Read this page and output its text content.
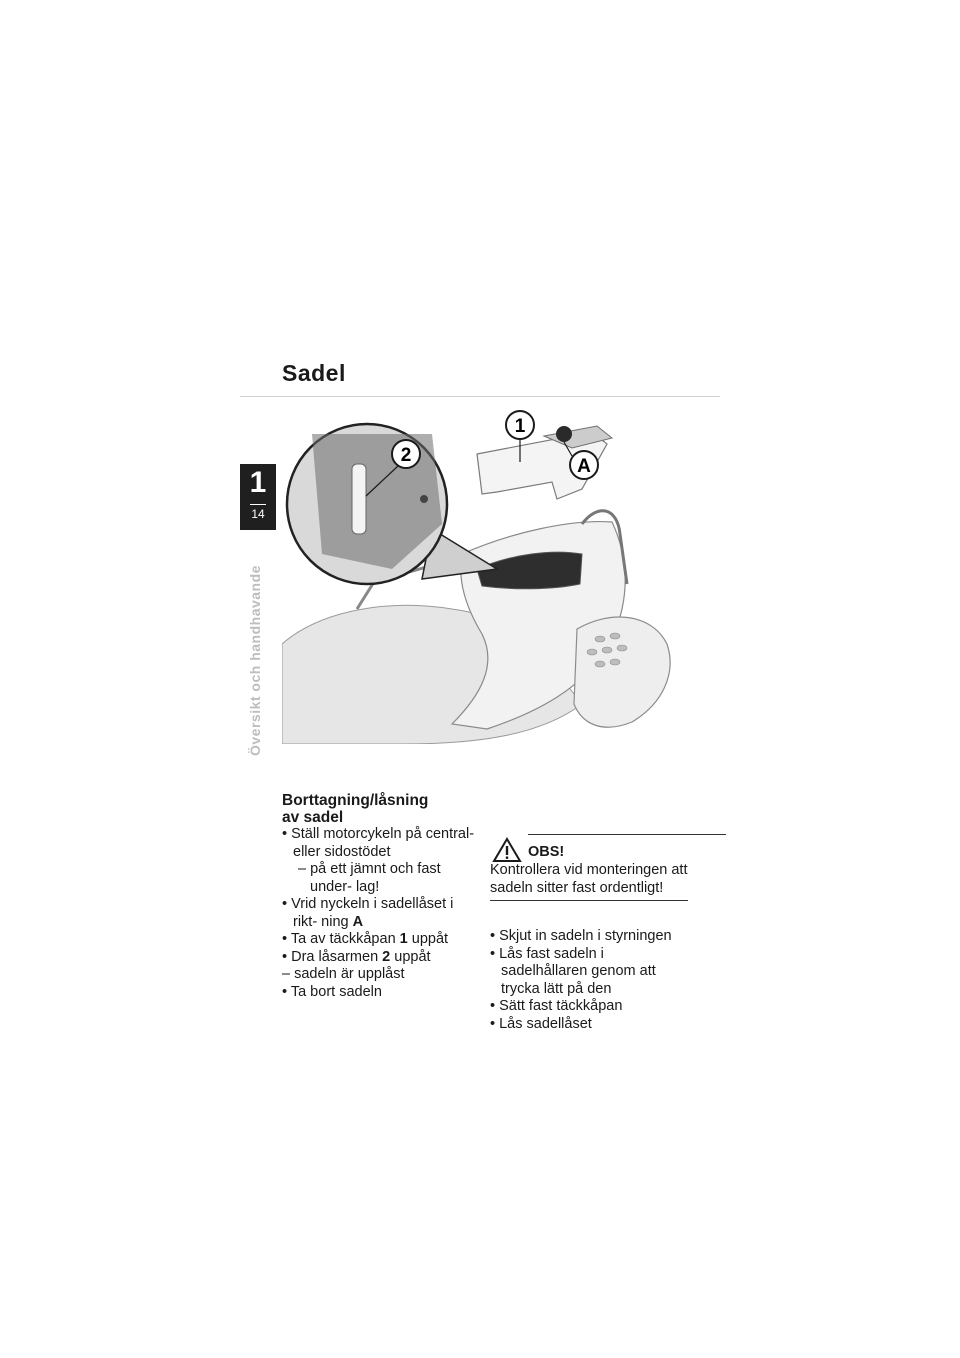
Sadel
1
14
Översikt och handhavande
1
2
A
Borttagning/låsning
av sadel
• Ställ motorcykeln på central- eller sidostödet
– på ett jämnt och fast under- lag!
• Vrid nyckeln i sadellåset i rikt- ning A
• Ta av täckkåpan 1 uppåt
• Dra låsarmen 2 uppåt
– sadeln är upplåst
• Ta bort sadeln
OBS!
Kontrollera vid monteringen att sadeln sitter fast ordentligt!
• Skjut in sadeln i styrningen
• Lås fast sadeln i sadelhållaren genom att trycka lätt på den
• Sätt fast täckkåpan
• Lås sadellåset
